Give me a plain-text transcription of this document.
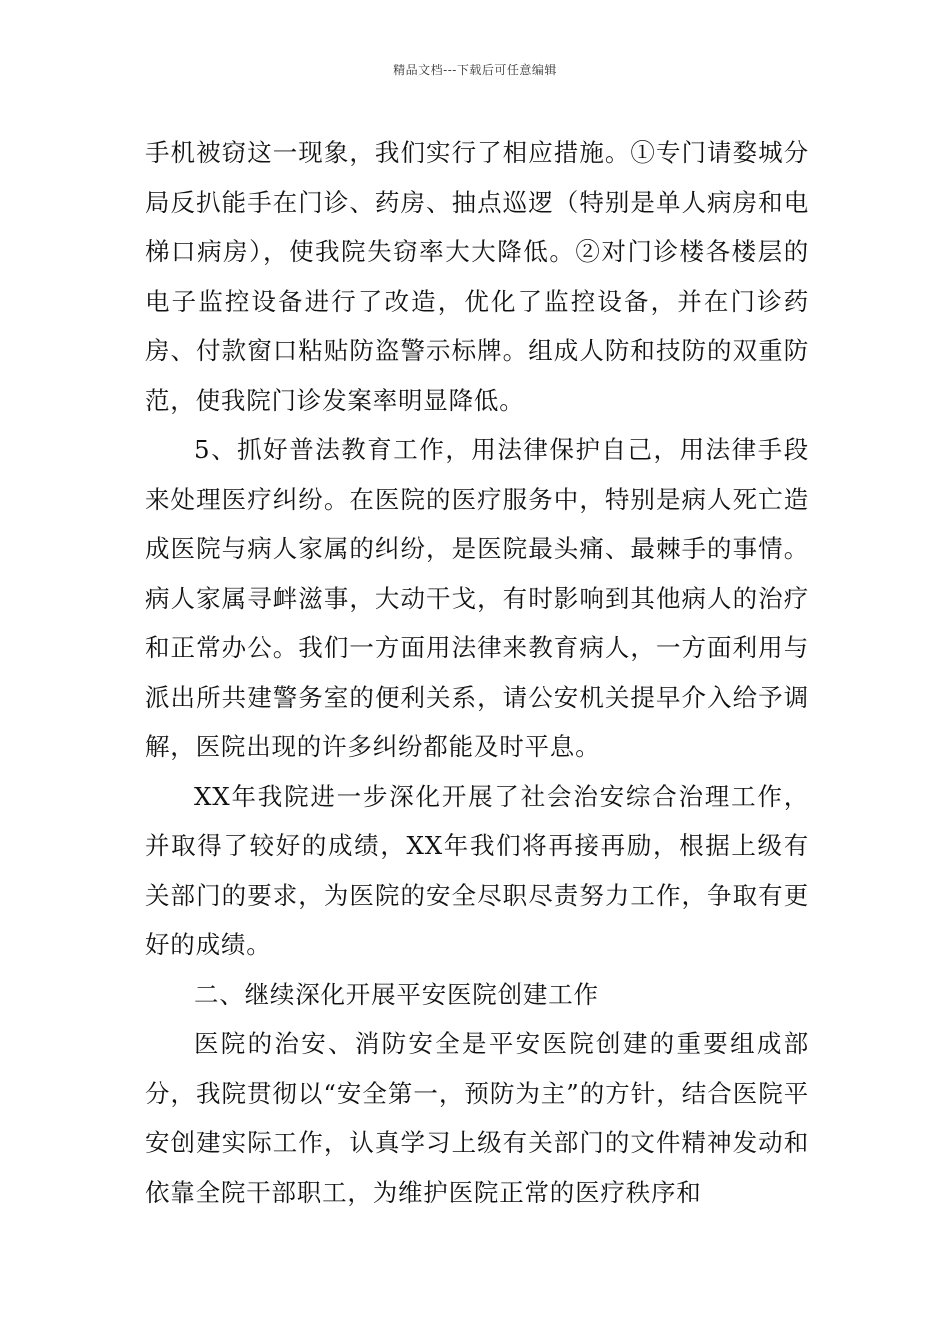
精品文档---下载后可任意编辑

手机被窃这一现象，我们实行了相应措施。①专门请婺城分局反扒能手在门诊、药房、抽点巡逻（特别是单人病房和电梯口病房），使我院失窃率大大降低。②对门诊楼各楼层的电子监控设备进行了改造，优化了监控设备，并在门诊药房、付款窗口粘贴防盗警示标牌。组成人防和技防的双重防范，使我院门诊发案率明显降低。

5、抓好普法教育工作，用法律保护自己，用法律手段来处理医疗纠纷。在医院的医疗服务中，特别是病人死亡造成医院与病人家属的纠纷，是医院最头痛、最棘手的事情。病人家属寻衅滋事，大动干戈，有时影响到其他病人的治疗和正常办公。我们一方面用法律来教育病人，一方面利用与派出所共建警务室的便利关系，请公安机关提早介入给予调解，医院出现的许多纠纷都能及时平息。

XX年我院进一步深化开展了社会治安综合治理工作，并取得了较好的成绩，XX年我们将再接再励，根据上级有关部门的要求，为医院的安全尽职尽责努力工作，争取有更好的成绩。

二、继续深化开展平安医院创建工作

医院的治安、消防安全是平安医院创建的重要组成部分，我院贯彻以“安全第一，预防为主”的方针，结合医院平安创建实际工作，认真学习上级有关部门的文件精神发动和依靠全院干部职工，为维护医院正常的医疗秩序和
